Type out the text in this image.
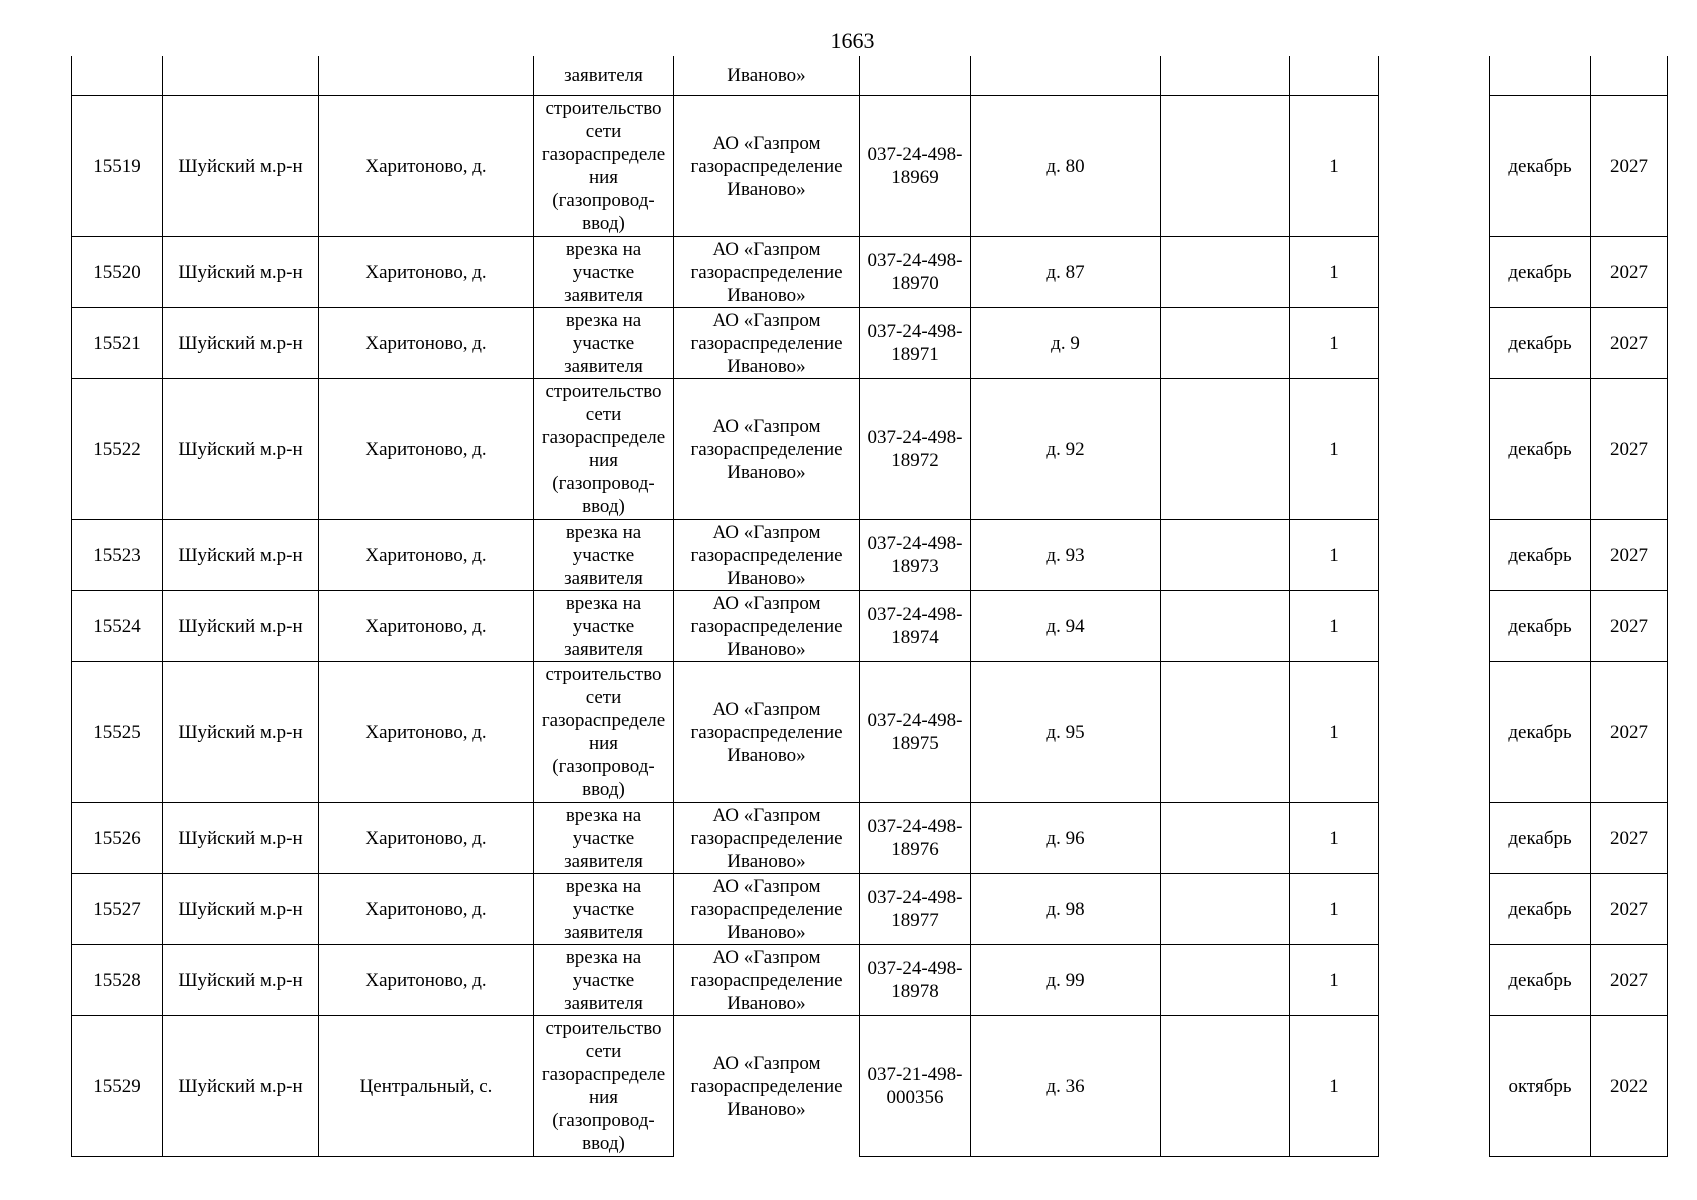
1663

			заявителя	Иваново»							

15519	Шуйский м.р-н	Харитоново, д.	строительство сети газораспределения (газопровод-ввод)	АО «Газпром газораспределение Иваново»	037-24-498-18969	д. 80		1		декабрь	2027

15520	Шуйский м.р-н	Харитоново, д.	врезка на участке заявителя	АО «Газпром газораспределение Иваново»	037-24-498-18970	д. 87		1		декабрь	2027

15521	Шуйский м.р-н	Харитоново, д.	врезка на участке заявителя	АО «Газпром газораспределение Иваново»	037-24-498-18971	д. 9		1		декабрь	2027

15522	Шуйский м.р-н	Харитоново, д.	строительство сети газораспределения (газопровод-ввод)	АО «Газпром газораспределение Иваново»	037-24-498-18972	д. 92		1		декабрь	2027

15523	Шуйский м.р-н	Харитоново, д.	врезка на участке заявителя	АО «Газпром газораспределение Иваново»	037-24-498-18973	д. 93		1		декабрь	2027

15524	Шуйский м.р-н	Харитоново, д.	врезка на участке заявителя	АО «Газпром газораспределение Иваново»	037-24-498-18974	д. 94		1		декабрь	2027

15525	Шуйский м.р-н	Харитоново, д.	строительство сети газораспределения (газопровод-ввод)	АО «Газпром газораспределение Иваново»	037-24-498-18975	д. 95		1		декабрь	2027

15526	Шуйский м.р-н	Харитоново, д.	врезка на участке заявителя	АО «Газпром газораспределение Иваново»	037-24-498-18976	д. 96		1		декабрь	2027

15527	Шуйский м.р-н	Харитоново, д.	врезка на участке заявителя	АО «Газпром газораспределение Иваново»	037-24-498-18977	д. 98		1		декабрь	2027

15528	Шуйский м.р-н	Харитоново, д.	врезка на участке заявителя	АО «Газпром газораспределение Иваново»	037-24-498-18978	д. 99		1		декабрь	2027

15529	Шуйский м.р-н	Центральный, с.	строительство сети газораспределения (газопровод-ввод)	АО «Газпром газораспределение Иваново»	037-21-498-000356	д. 36		1		октябрь	2022
